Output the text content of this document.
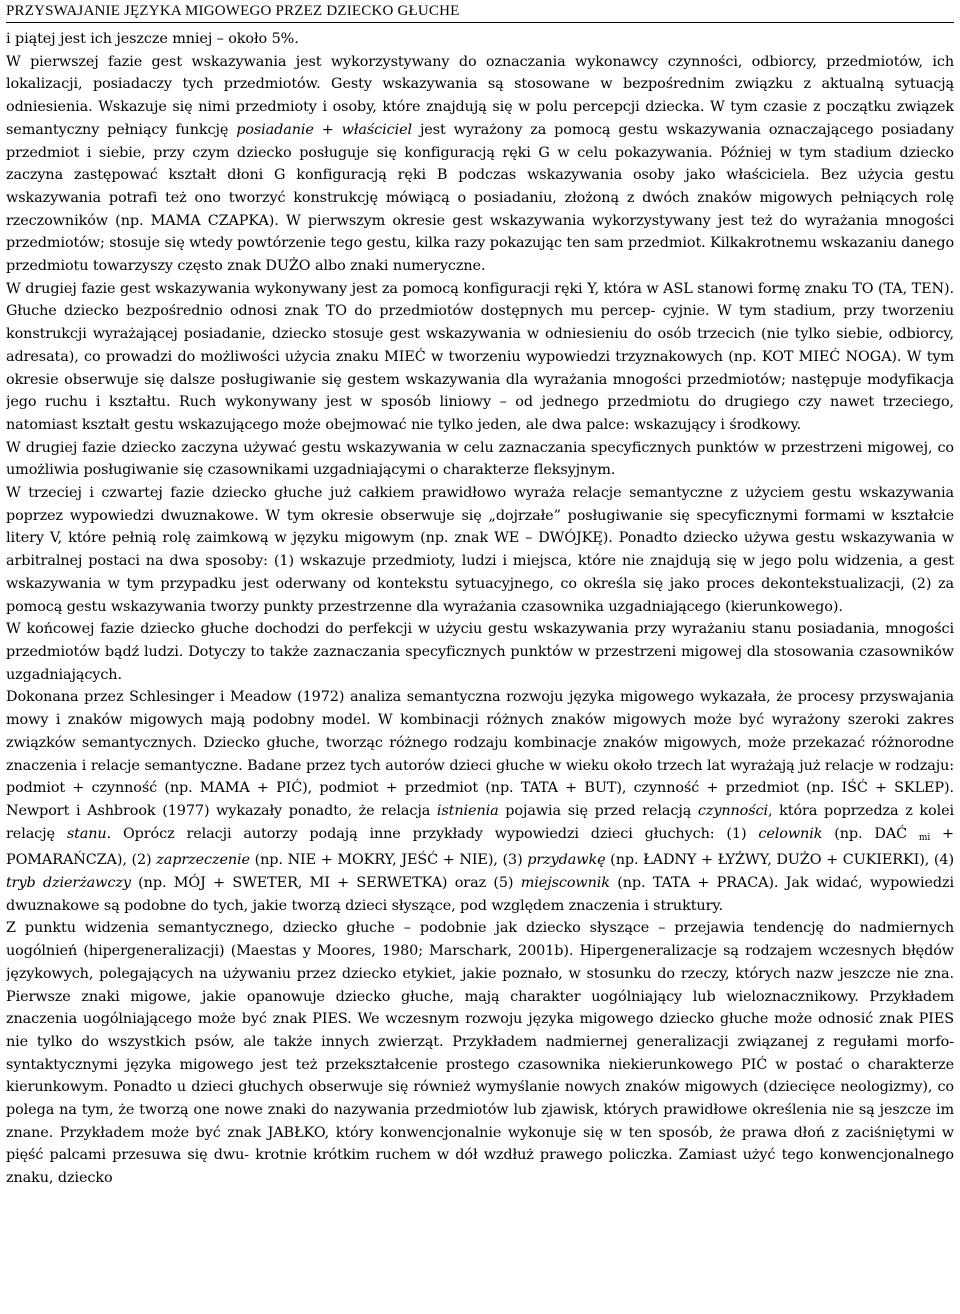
PRZYSWAJANIE JĘZYKA MIGOWEGO PRZEZ DZIECKO GŁUCHE

i piątej jest ich jeszcze mniej – około 5%.

W pierwszej fazie gest wskazywania jest wykorzystywany do oznaczania wykonawcy czynności, odbiorcy, przedmiotów, ich lokalizacji, posiadaczy tych przedmiotów. Gesty wskazywania są stosowane w bezpośrednim związku z aktualną sytuacją odniesienia. Wskazuje się nimi przedmioty i osoby, które znajdują się w polu percepcji dziecka. W tym czasie z początku związek semantyczny pełniący funkcję posiadanie + właściciel jest wyrażony za pomocą gestu wskazywania oznaczającego posiadany przedmiot i siebie, przy czym dziecko posługuje się konfiguracją ręki G w celu pokazywania. Później w tym stadium dziecko zaczyna zastępować kształt dłoni G konfiguracją ręki B podczas wskazywania osoby jako właściciela. Bez użycia gestu wskazywania potrafi też ono tworzyć konstrukcję mówiącą o posiadaniu, złożoną z dwóch znaków migowych pełniących rolę rzeczowników (np. MAMA CZAPKA). W pierwszym okresie gest wskazywania wykorzystywany jest też do wyrażania mnogości przedmiotów; stosuje się wtedy powtórzenie tego gestu, kilka razy pokazując ten sam przedmiot. Kilkakrotnemu wskazaniu danego przedmiotu towarzyszy często znak DUŻO albo znaki numeryczne.

W drugiej fazie gest wskazywania wykonywany jest za pomocą konfiguracji ręki Y, która w ASL stanowi formę znaku TO (TA, TEN). Głuche dziecko bezpośrednio odnosi znak TO do przedmiotów dostępnych mu percep- cyjnie. W tym stadium, przy tworzeniu konstrukcji wyrażającej posiadanie, dziecko stosuje gest wskazywania w odniesieniu do osób trzecich (nie tylko siebie, odbiorcy, adresata), co prowadzi do możliwości użycia znaku MIEĆ w tworzeniu wypowiedzi trzyznakowych (np. KOT MIEĆ NOGA). W tym okresie obserwuje się dalsze posługiwanie się gestem wskazywania dla wyrażania mnogości przedmiotów; następuje modyfikacja jego ruchu i kształtu. Ruch wykonywany jest w sposób liniowy – od jednego przedmiotu do drugiego czy nawet trzeciego, natomiast kształt gestu wskazującego może obejmować nie tylko jeden, ale dwa palce: wskazujący i środkowy.

W drugiej fazie dziecko zaczyna używać gestu wskazywania w celu zaznaczania specyficznych punktów w przestrzeni migowej, co umożliwia posługiwanie się czasownikami uzgadniającymi o charakterze fleksyjnym.

W trzeciej i czwartej fazie dziecko głuche już całkiem prawidłowo wyraża relacje semantyczne z użyciem gestu wskazywania poprzez wypowiedzi dwuznakowe. W tym okresie obserwuje się „dojrzałe” posługiwanie się specyficznymi formami w kształcie litery V, które pełnią rolę zaimkową w języku migowym (np. znak WE – DWÓJKĘ). Ponadto dziecko używa gestu wskazywania w arbitralnej postaci na dwa sposoby: (1) wskazuje przedmioty, ludzi i miejsca, które nie znajdują się w jego polu widzenia, a gest wskazywania w tym przypadku jest oderwany od kontekstu sytuacyjnego, co określa się jako proces dekontekstualizacji, (2) za pomocą gestu wskazywania tworzy punkty przestrzenne dla wyrażania czasownika uzgadniającego (kierunkowego).

W końcowej fazie dziecko głuche dochodzi do perfekcji w użyciu gestu wskazywania przy wyrażaniu stanu posiadania, mnogości przedmiotów bądź ludzi. Dotyczy to także zaznaczania specyficznych punktów w przestrzeni migowej dla stosowania czasowników uzgadniających.

Dokonana przez Schlesinger i Meadow (1972) analiza semantyczna rozwoju języka migowego wykazała, że procesy przyswajania mowy i znaków migowych mają podobny model. W kombinacji różnych znaków migowych może być wyrażony szeroki zakres związków semantycznych. Dziecko głuche, tworząc różnego rodzaju kombinacje znaków migowych, może przekazać różnorodne znaczenia i relacje semantyczne. Badane przez tych autorów dzieci głuche w wieku około trzech lat wyrażają już relacje w rodzaju: podmiot + czynność (np. MAMA + PIĆ), podmiot + przedmiot (np. TATA + BUT), czynność + przedmiot (np. IŚĆ + SKLEP). Newport i Ashbrook (1977) wykazały ponadto, że relacja istnienia pojawia się przed relacją czynności, która poprzedza z kolei relację stanu. Oprócz relacji autorzy podają inne przykłady wypowiedzi dzieci głuchych: (1) celownik (np. DAĆ $_{mi}$ + POMARAŃCZA), (2) zaprzeczenie (np. NIE + MOKRY, JEŚĆ + NIE), (3) przydawkę (np. ŁADNY + ŁYŻWY, DUŻO + CUKIERKI), (4) tryb dzierżawczy (np. MÓJ + SWETER, MI + SERWETKA) oraz (5) miejscownik (np. TATA + PRACA). Jak widać, wypowiedzi dwuznakowe są podobne do tych, jakie tworzą dzieci słyszące, pod względem znaczenia i struktury.

Z punktu widzenia semantycznego, dziecko głuche – podobnie jak dziecko słyszące – przejawia tendencję do nadmiernych uogólnień (hipergeneralizacji) (Maestas y Moores, 1980; Marschark, 2001b). Hipergeneralizacje są rodzajem wczesnych błędów językowych, polegających na używaniu przez dziecko etykiet, jakie poznało, w stosunku do rzeczy, których nazw jeszcze nie zna. Pierwsze znaki migowe, jakie opanowuje dziecko głuche, mają charakter uogólniający lub wieloznacznikowy. Przykładem znaczenia uogólniającego może być znak PIES. We wczesnym rozwoju języka migowego dziecko głuche może odnosić znak PIES nie tylko do wszystkich psów, ale także innych zwierząt. Przykładem nadmiernej generalizacji związanej z regułami morfo- syntaktycznymi języka migowego jest też przekształcenie prostego czasownika niekierunkowego PIĆ w postać o charakterze kierunkowym. Ponadto u dzieci głuchych obserwuje się również wymyślanie nowych znaków migowych (dziecięce neologizmy), co polega na tym, że tworzą one nowe znaki do nazywania przedmiotów lub zjawisk, których prawidłowe określenia nie są jeszcze im znane. Przykładem może być znak JABŁKO, który konwencjonalnie wykonuje się w ten sposób, że prawa dłoń z zaciśniętymi w pięść palcami przesuwa się dwu- krotnie krótkim ruchem w dół wzdłuż prawego policzka. Zamiast użyć tego konwencjonalnego znaku, dziecko
